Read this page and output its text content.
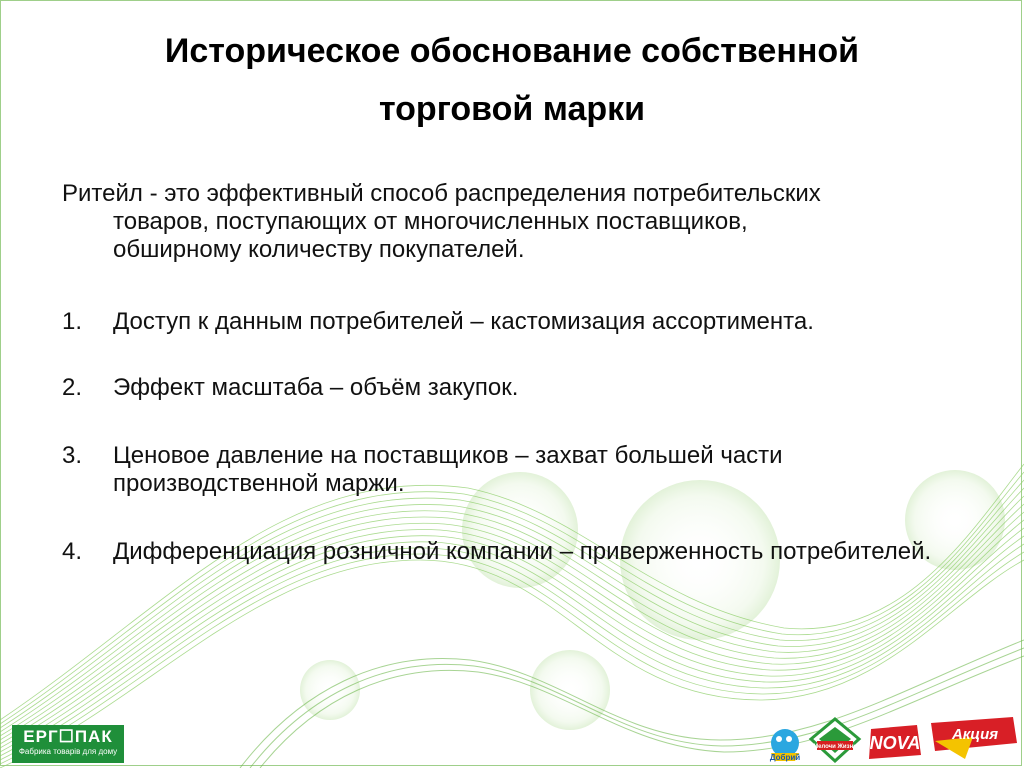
Историческое обоснование собственной
торговой марки
Ритейл - это эффективный способ распределения потребительских
товаров, поступающих от многочисленных поставщиков,
обширному количеству покупателей.
1.	Доступ к данным потребителей – кастомизация ассортимента.
2.	Эффект масштаба – объём закупок.
3.	Ценовое давление на поставщиков – захват большей части производственной маржи.
4.	Дифференциация розничной компании – приверженность потребителей.
ЕРГ☐ПАК
Фабрика товарів для дому
Добрий
Мелочи Жизни NOVA Акция
